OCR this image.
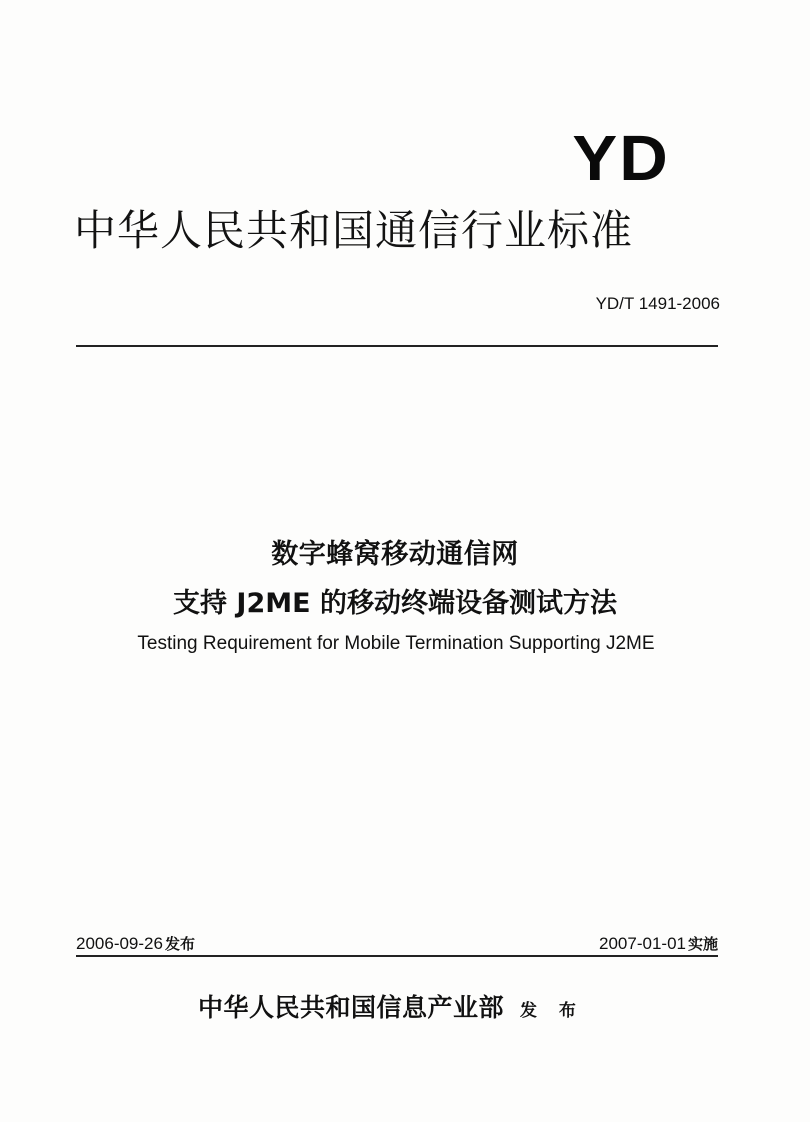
YD
中华人民共和国通信行业标准
YD/T 1491-2006
数字蜂窝移动通信网
支持 J2ME 的移动终端设备测试方法
Testing Requirement for Mobile Termination Supporting J2ME
2006-09-26 发布	2007-01-01 实施
中华人民共和国信息产业部 发 布
